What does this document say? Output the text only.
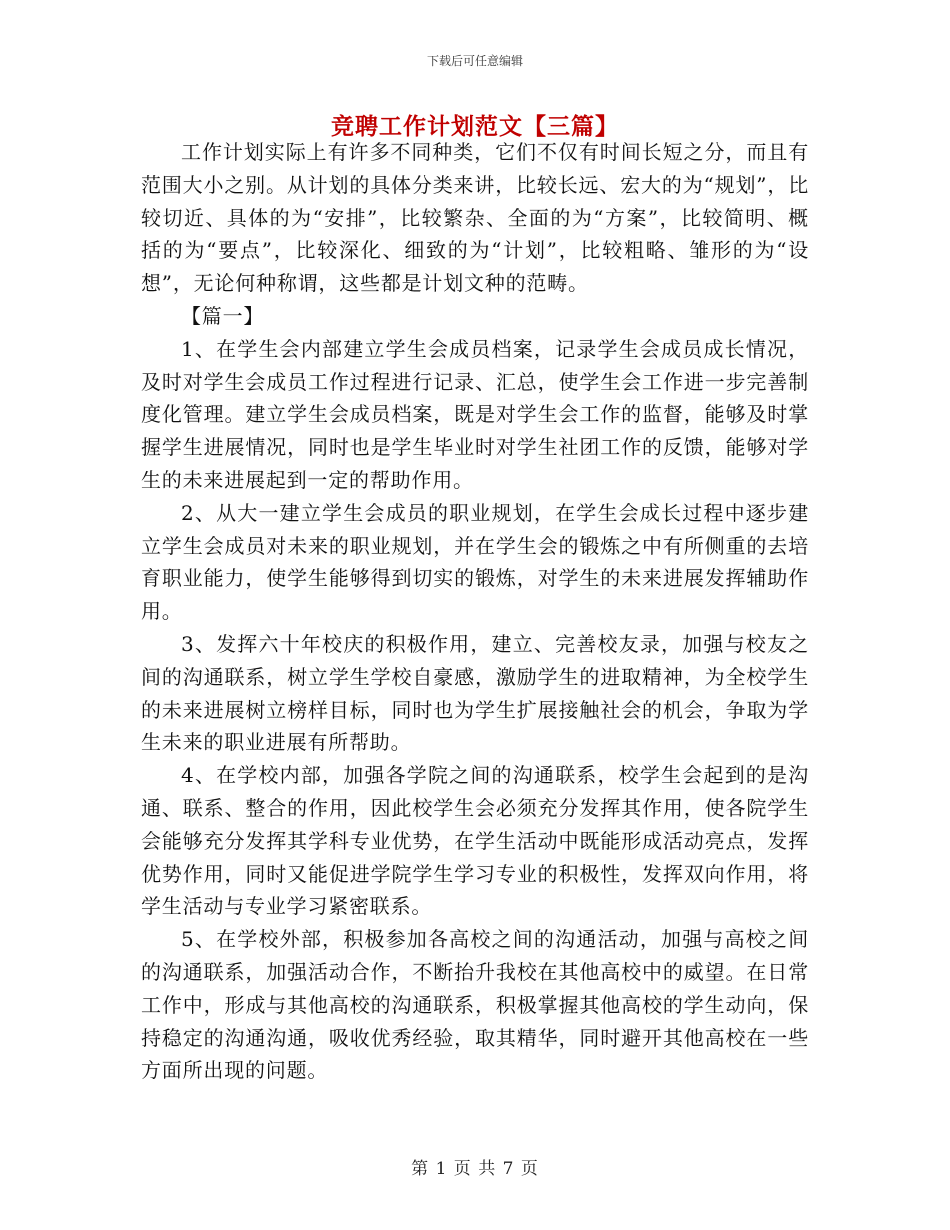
下载后可任意编辑
竞聘工作计划范文【三篇】

工作计划实际上有许多不同种类，它们不仅有时间长短之分，而且有范围大小之别。从计划的具体分类来讲，比较长远、宏大的为“规划”，比较切近、具体的为“安排”，比较繁杂、全面的为“方案”，比较简明、概括的为“要点”，比较深化、细致的为“计划”，比较粗略、雏形的为“设想”，无论何种称谓，这些都是计划文种的范畴。

【篇一】

1、在学生会内部建立学生会成员档案，记录学生会成员成长情况，及时对学生会成员工作过程进行记录、汇总，使学生会工作进一步完善制度化管理。建立学生会成员档案，既是对学生会工作的监督，能够及时掌握学生进展情况，同时也是学生毕业时对学生社团工作的反馈，能够对学生的未来进展起到一定的帮助作用。

2、从大一建立学生会成员的职业规划，在学生会成长过程中逐步建立学生会成员对未来的职业规划，并在学生会的锻炼之中有所侧重的去培育职业能力，使学生能够得到切实的锻炼，对学生的未来进展发挥辅助作用。

3、发挥六十年校庆的积极作用，建立、完善校友录，加强与校友之间的沟通联系，树立学生学校自豪感，激励学生的进取精神，为全校学生的未来进展树立榜样目标，同时也为学生扩展接触社会的机会，争取为学生未来的职业进展有所帮助。

4、在学校内部，加强各学院之间的沟通联系，校学生会起到的是沟通、联系、整合的作用，因此校学生会必须充分发挥其作用，使各院学生会能够充分发挥其学科专业优势，在学生活动中既能形成活动亮点，发挥优势作用，同时又能促进学院学生学习专业的积极性，发挥双向作用，将学生活动与专业学习紧密联系。

5、在学校外部，积极参加各高校之间的沟通活动，加强与高校之间的沟通联系，加强活动合作，不断抬升我校在其他高校中的威望。在日常工作中，形成与其他高校的沟通联系，积极掌握其他高校的学生动向，保持稳定的沟通沟通，吸收优秀经验，取其精华，同时避开其他高校在一些方面所出现的问题。

第 1 页 共 7 页
